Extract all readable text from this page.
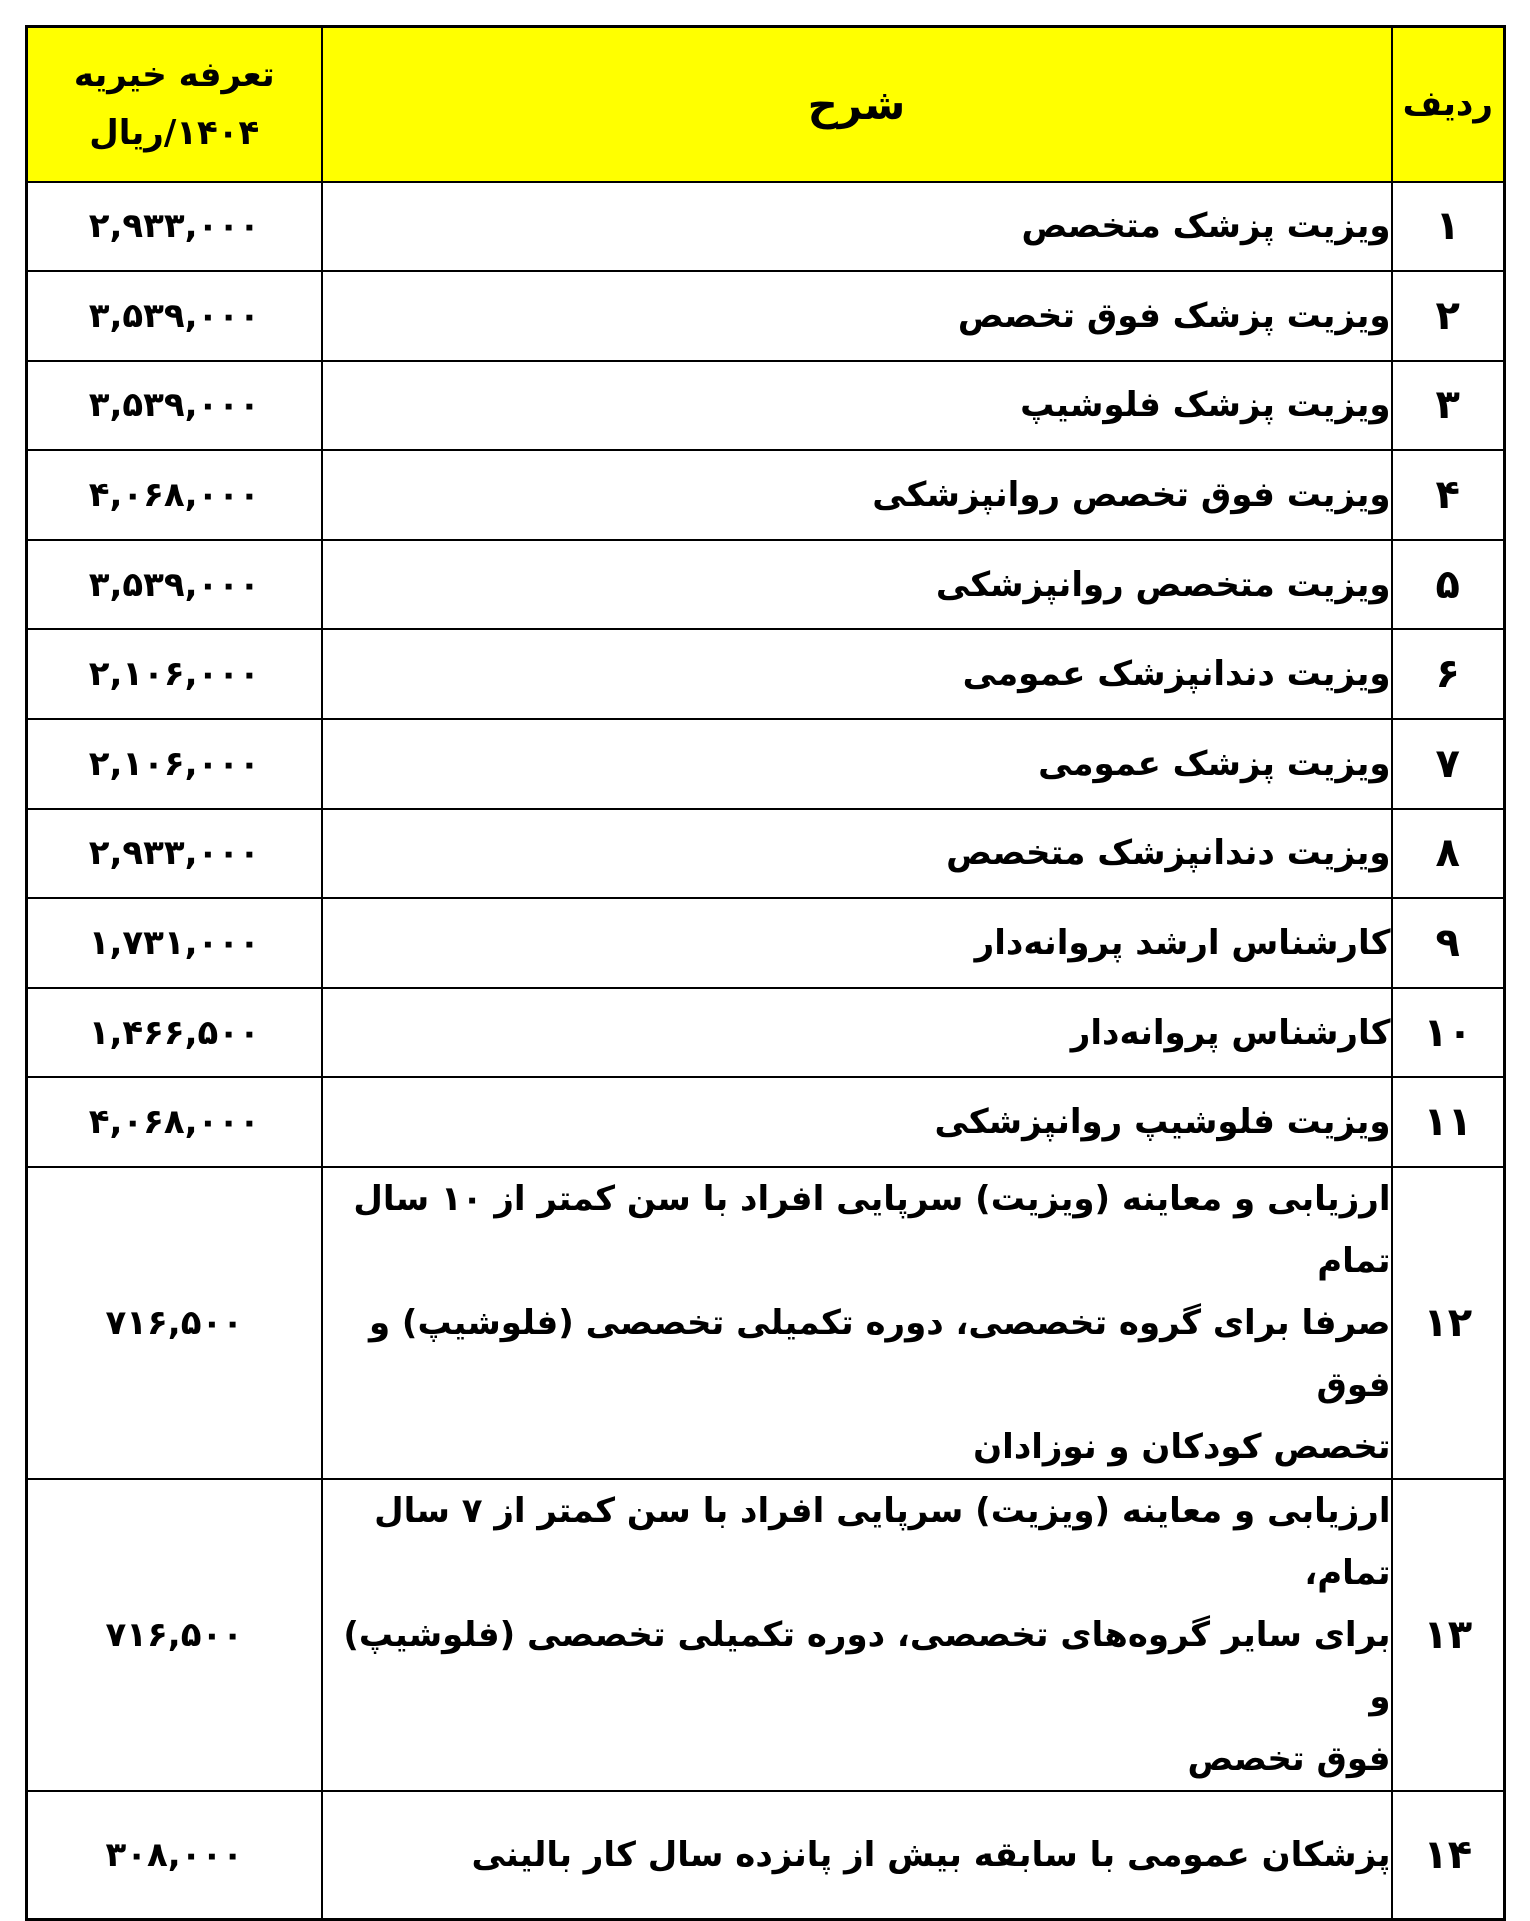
ردیف	شرح	تعرفه خیریه
۱۴۰۴/ریال

۱	ویزیت پزشک متخصص	۲,۹۳۳,۰۰۰
۲	ویزیت پزشک فوق تخصص	۳,۵۳۹,۰۰۰
۳	ویزیت پزشک فلوشیپ	۳,۵۳۹,۰۰۰
۴	ویزیت فوق تخصص روانپزشکی	۴,۰۶۸,۰۰۰
۵	ویزیت متخصص روانپزشکی	۳,۵۳۹,۰۰۰
۶	ویزیت دندانپزشک عمومی	۲,۱۰۶,۰۰۰
۷	ویزیت پزشک عمومی	۲,۱۰۶,۰۰۰
۸	ویزیت دندانپزشک متخصص	۲,۹۳۳,۰۰۰
۹	کارشناس ارشد پروانه‌دار	۱,۷۳۱,۰۰۰
۱۰	کارشناس پروانه‌دار	۱,۴۶۶,۵۰۰
۱۱	ویزیت فلوشیپ روانپزشکی	۴,۰۶۸,۰۰۰
۱۲	ارزیابی و معاینه (ویزیت) سرپایی افراد با سن کمتر از ۱۰ سال تمام
صرفا برای گروه تخصصی، دوره تکمیلی تخصصی (فلوشیپ) و فوق
تخصص کودکان و نوزادان	۷۱۶,۵۰۰
۱۳	ارزیابی و معاینه (ویزیت) سرپایی افراد با سن کمتر از ۷ سال تمام،
برای سایر گروه‌های تخصصی، دوره تکمیلی تخصصی (فلوشیپ) و
فوق تخصص	۷۱۶,۵۰۰
۱۴	پزشکان عمومی با سابقه بیش از پانزده سال کار بالینی	۳۰۸,۰۰۰
